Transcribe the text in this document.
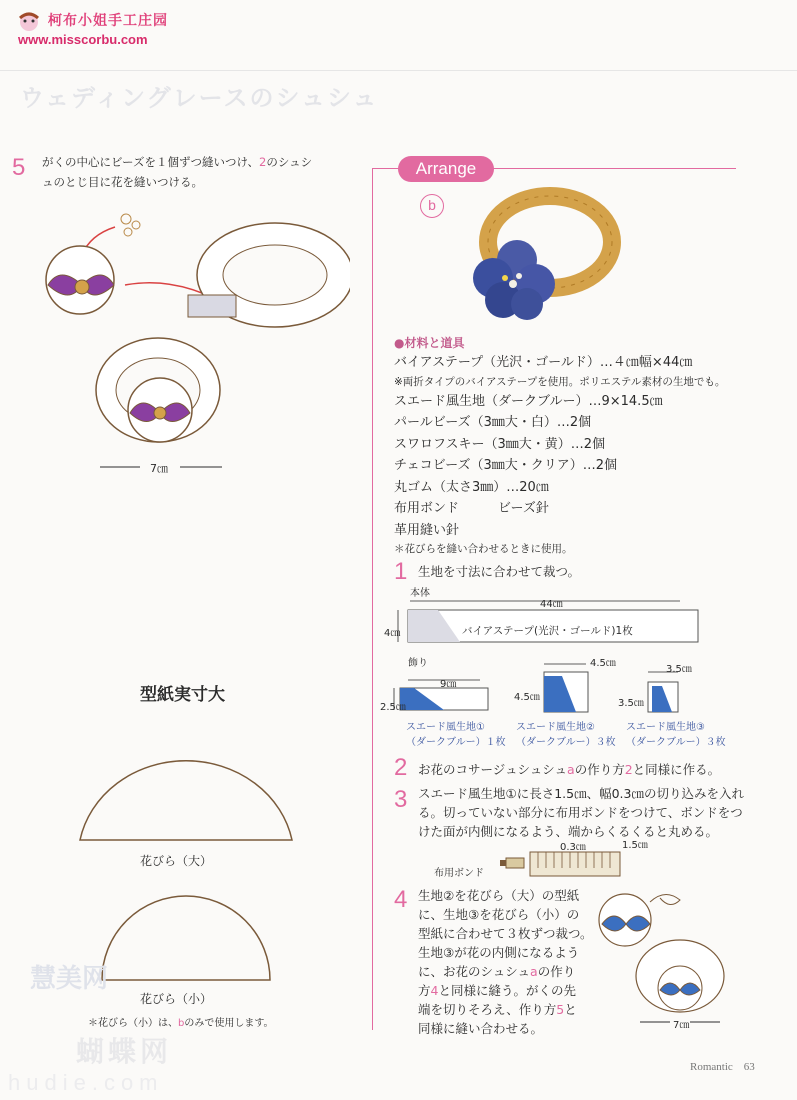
柯布小姐手工庄园
www.misscorbu.com
ウェディングレースのシュシュ
5 がくの中心にビーズを１個ずつ縫いつけ、2のシュシ
ュのとじ目に花を縫いつける。
7㎝
型紙実寸大
花びら（大）
花びら（小）
＊花びら（小）は、bのみで使用します。
慧美网
蝴蝶网
hudie.com
Arrange
b
●材料と道具
バイアステープ（光沢・ゴールド）…４㎝幅×44㎝
※両折タイプのバイアステープを使用。ポリエステル素材の生地でも。
スエード風生地（ダークブルー）…9×14.5㎝
パールビーズ（3㎜大・白）…2個
スワロフスキー（3㎜大・黄）…2個
チェコビーズ（3㎜大・クリア）…2個
丸ゴム（太さ3㎜）…20㎝
布用ボンド　　　ビーズ針
革用縫い針
＊花びらを縫い合わせるときに使用。
1 生地を寸法に合わせて裁つ。
本体
44㎝
4㎝	バイアステープ(光沢・ゴールド)1枚
飾り
9㎝
2.5㎝
4.5㎝
4.5㎝
3.5㎝
3.5㎝
スエード風生地①
（ダークブルー）１枚
スエード風生地②
（ダークブルー）３枚
スエード風生地③
（ダークブルー）３枚
2 お花のコサージュシュシュaの作り方2と同様に作る。
3 スエード風生地①に長さ1.5㎝、幅0.3㎝の切り込みを入れ
る。切っていない部分に布用ボンドをつけて、ボンドをつ
けた面が内側になるよう、端からくるくると丸める。
布用ボンド
0.3㎝	1.5㎝
4 生地②を花びら（大）の型紙
に、生地③を花びら（小）の
型紙に合わせて３枚ずつ裁つ。
生地③が花の内側になるよう
に、お花のシュシュaの作り
方4と同様に縫う。がくの先
端を切りそろえ、作り方5と
同様に縫い合わせる。	7㎝
Romantic　63
